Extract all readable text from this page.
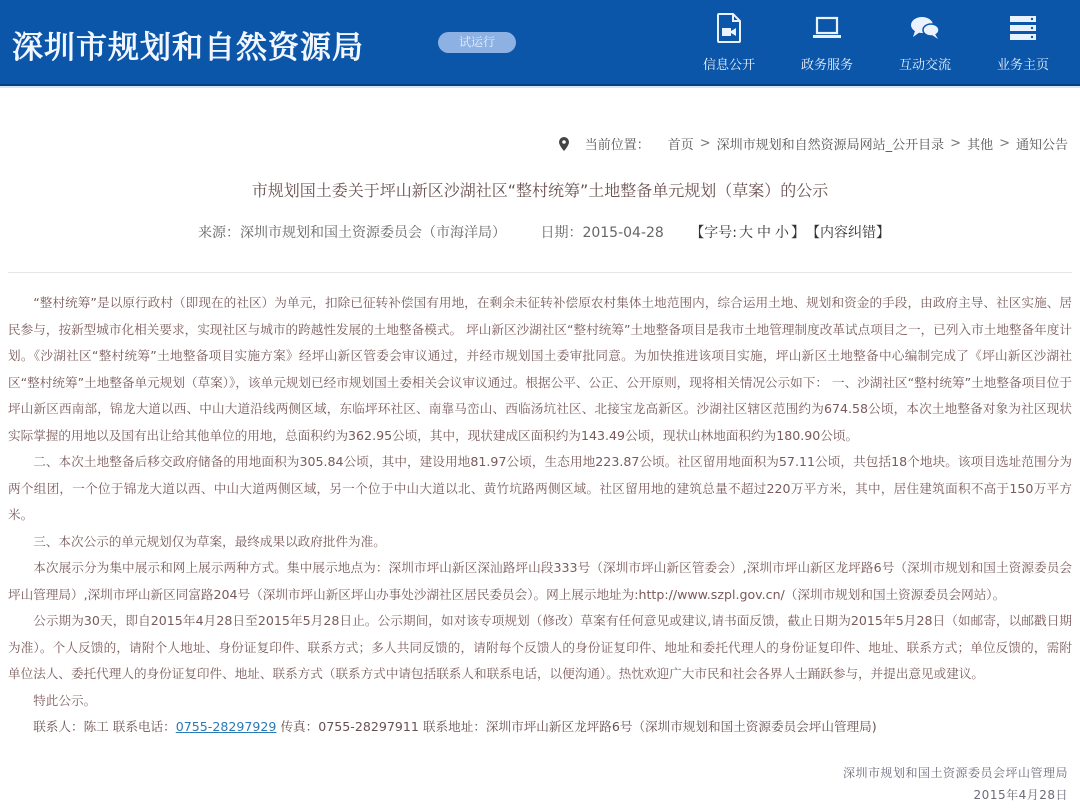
深圳市规划和自然资源局	试运行
信息公开	政务服务	互动交流	业务主页
当前位置： 首页 > 深圳市规划和自然资源局网站_公开目录 > 其他 > 通知公告
市规划国土委关于坪山新区沙湖社区“整村统筹”土地整备单元规划（草案）的公示
来源：深圳市规划和国土资源委员会（市海洋局） 日期：2015-04-28 【字号: 大 中 小 】 【内容纠错】

“整村统筹”是以原行政村（即现在的社区）为单元，扣除已征转补偿国有用地，在剩余未征转补偿原农村集体土地范围内，综合运用土地、规划和资金的手段，由政府主导、社区实施、居民参与，按新型城市化相关要求，实现社区与城市的跨越性发展的土地整备模式。 坪山新区沙湖社区“整村统筹”土地整备项目是我市土地管理制度改革试点项目之一，已列入市土地整备年度计划。《沙湖社区“整村统筹”土地整备项目实施方案》经坪山新区管委会审议通过，并经市规划国土委审批同意。为加快推进该项目实施，坪山新区土地整备中心编制完成了《坪山新区沙湖社区“整村统筹”土地整备单元规划（草案）》，该单元规划已经市规划国土委相关会议审议通过。根据公平、公正、公开原则，现将相关情况公示如下： 一、沙湖社区“整村统筹”土地整备项目位于坪山新区西南部，锦龙大道以西、中山大道沿线两侧区域，东临坪环社区、南靠马峦山、西临汤坑社区、北接宝龙高新区。沙湖社区辖区范围约为674.58公顷，本次土地整备对象为社区现状实际掌握的用地以及国有出让给其他单位的用地，总面积约为362.95公顷，其中，现状建成区面积约为143.49公顷，现状山林地面积约为180.90公顷。

二、本次土地整备后移交政府储备的用地面积为305.84公顷，其中，建设用地81.97公顷，生态用地223.87公顷。社区留用地面积为57.11公顷，共包括18个地块。该项目选址范围分为两个组团，一个位于锦龙大道以西、中山大道两侧区域，另一个位于中山大道以北、黄竹坑路两侧区域。社区留用地的建筑总量不超过220万平方米，其中，居住建筑面积不高于150万平方米。

三、本次公示的单元规划仅为草案，最终成果以政府批件为准。

本次展示分为集中展示和网上展示两种方式。集中展示地点为：深圳市坪山新区深汕路坪山段333号（深圳市坪山新区管委会）,深圳市坪山新区龙坪路6号（深圳市规划和国土资源委员会坪山管理局）,深圳市坪山新区同富路204号（深圳市坪山新区坪山办事处沙湖社区居民委员会）。网上展示地址为:http://www.szpl.gov.cn/（深圳市规划和国土资源委员会网站）。

公示期为30天，即自2015年4月28日至2015年5月28日止。公示期间，如对该专项规划（修改）草案有任何意见或建议,请书面反馈，截止日期为2015年5月28日（如邮寄，以邮戳日期为准）。个人反馈的，请附个人地址、身份证复印件、联系方式；多人共同反馈的，请附每个反馈人的身份证复印件、地址和委托代理人的身份证复印件、地址、联系方式；单位反馈的，需附单位法人、委托代理人的身份证复印件、地址、联系方式（联系方式中请包括联系人和联系电话，以便沟通）。热忱欢迎广大市民和社会各界人士踊跃参与，并提出意见或建议。

特此公示。

联系人：陈工 联系电话：0755-28297929 传真：0755-28297911 联系地址：深圳市坪山新区龙坪路6号（深圳市规划和国土资源委员会坪山管理局)

深圳市规划和国土资源委员会坪山管理局
2015年4月28日
